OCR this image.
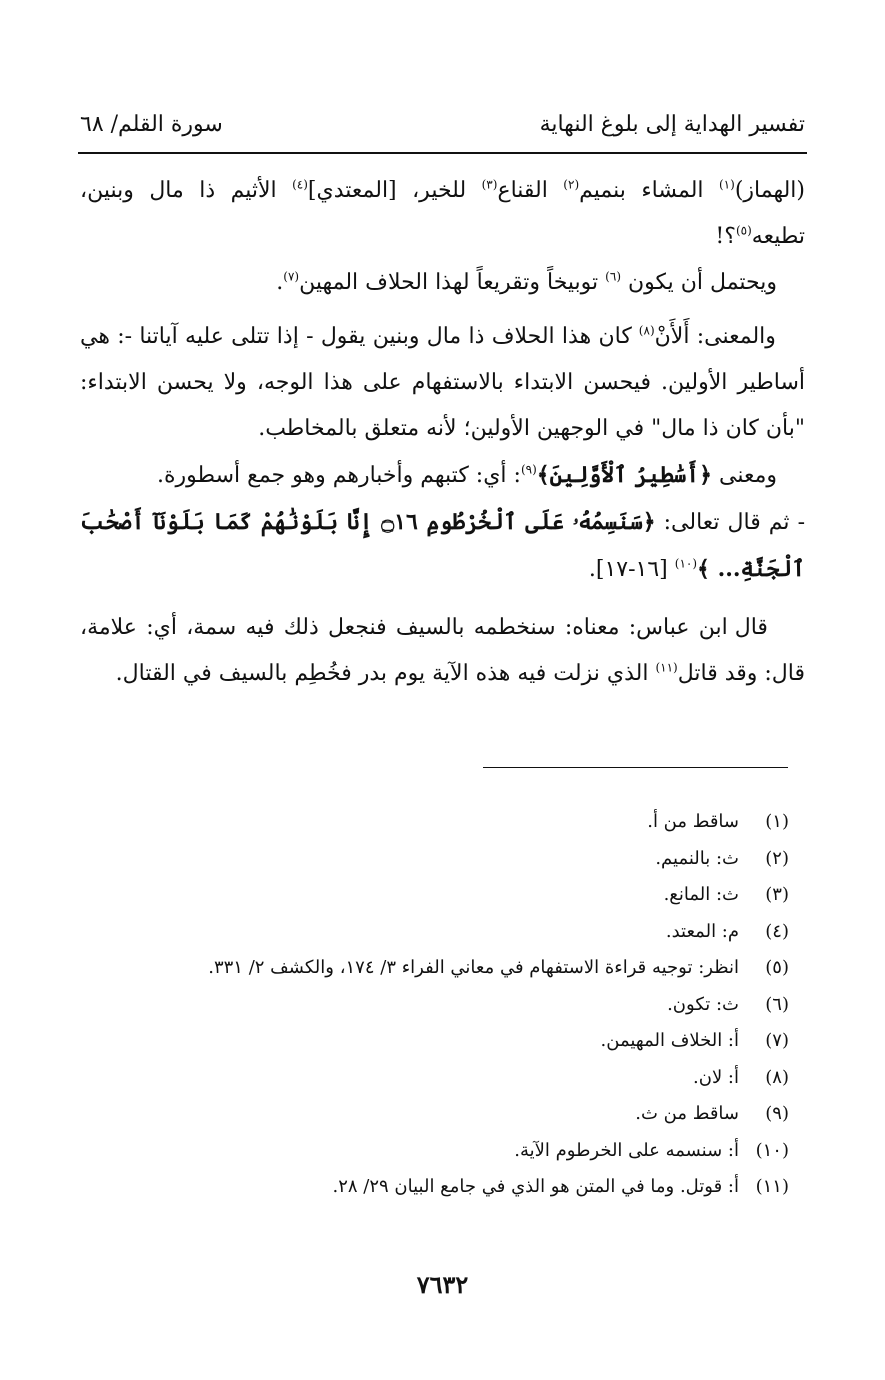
تفسير الهداية إلى بلوغ النهاية
سورة القلم/ ٦٨

(الهماز)$^{(١)}$ المشاء بنميم$^{(٢)}$ القناع$^{(٣)}$ للخير، [المعتدي]$^{(٤)}$ الأثيم ذا مال وبنين، تطيعه$^{(٥)}$؟!

ويحتمل أن يكون $^{(٦)}$ توبيخاً وتقريعاً لهذا الحلاف المهين$^{(٧)}$.

والمعنى: أَلأَنْ$^{(٨)}$ كان هذا الحلاف ذا مال وبنين يقول - إذا تتلى عليه آياتنا -: هي أساطير الأولين. فيحسن الابتداء بالاستفهام على هذا الوجه، ولا يحسن الابتداء: "بأن كان ذا مال" في الوجهين الأولين؛ لأنه متعلق بالمخاطب.

ومعنى ﴿أَسَٰطِيرُ ٱلْأَوَّلِينَ﴾$^{(٩)}$: أي: كتبهم وأخبارهم وهو جمع أسطورة.

- ثم قال تعالى: ﴿سَنَسِمُهُۥ عَلَى ٱلْخُرْطُومِ ۝١٦ إِنَّا بَلَوْنَٰهُمْ كَمَا بَلَوْنَآ أَصْحَٰبَ ٱلْجَنَّةِ... ﴾$^{(١٠)}$ [١٦-١٧].

قال ابن عباس: معناه: سنخطمه بالسيف فنجعل ذلك فيه سمة، أي: علامة، قال: وقد قاتل$^{(١١)}$ الذي نزلت فيه هذه الآية يوم بدر فخُطِم بالسيف في القتال.

(١)ساقط من أ.
(٢)ث: بالنميم.
(٣)ث: المانع.
(٤)م: المعتد.
(٥)انظر: توجيه قراءة الاستفهام في معاني الفراء ٣/ ١٧٤، والكشف ٢/ ٣٣١.
(٦)ث: تكون.
(٧)أ: الخلاف المهيمن.
(٨)أ: لان.
(٩)ساقط من ث.
(١٠)أ: سنسمه على الخرطوم الآية.
(١١)أ: قوتل. وما في المتن هو الذي في جامع البيان ٢٩/ ٢٨.
٧٦٣٢
